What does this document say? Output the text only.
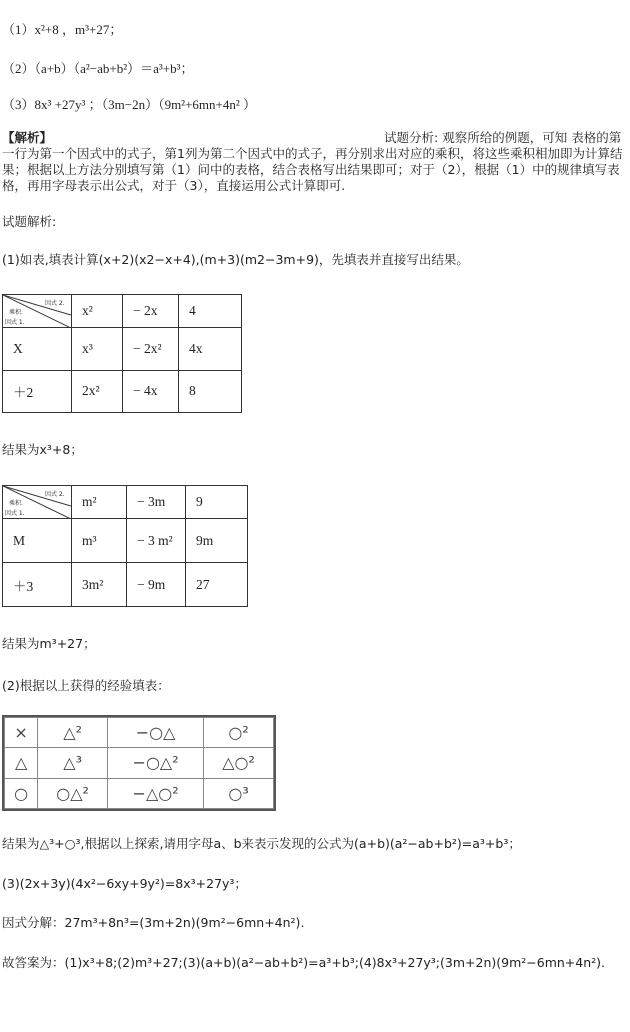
（1）x²+8 ，m³+27；
（2）（a+b）（a²−ab+b²）＝a³+b³；
（3）8x³ +27y³ ；（3m−2n）（9m²+6mn+4n² ）
【解析】	试题分析: 观察所给的例题，可知 表格的第一行为第一个因式中的式子，第1列为第二个因式中的式子，再分别求出对应的乘积，将这些乘积相加即为计算结果；根据以上方法分别填写第（1）问中的表格，结合表格写出结果即可；对于（2），根据（1）中的规律填写表格，再用字母表示出公式，对于（3），直接运用公式计算即可.
试题解析:
(1)如表,填表计算(x+2)(x2−x+4),(m+3)(m2−3m+9)，先填表并直接写出结果。
因式 2.
乘积.
因式 1.	x²	− 2x	4
X	x³	− 2x²	4x
＋2	2x²	− 4x	8
结果为x³+8；
因式 2.
乘积.
因式 1.	m²	− 3m	9
M	m³	− 3 m²	9m
＋3	3m²	− 9m	27
结果为m³+27；
(2)根据以上获得的经验填表：
×	△²	−○△	○²
△	△³	−○△²	△○²
○	○△²	−△○²	○³
结果为△³+○³,根据以上探索,请用字母a、b来表示发现的公式为(a+b)(a²−ab+b²)=a³+b³；
(3)(2x+3y)(4x²−6xy+9y²)=8x³+27y³；
因式分解：27m³+8n³=(3m+2n)(9m²−6mn+4n²).
故答案为：(1)x³+8;(2)m³+27;(3)(a+b)(a²−ab+b²)=a³+b³;(4)8x³+27y³;(3m+2n)(9m²−6mn+4n²).
